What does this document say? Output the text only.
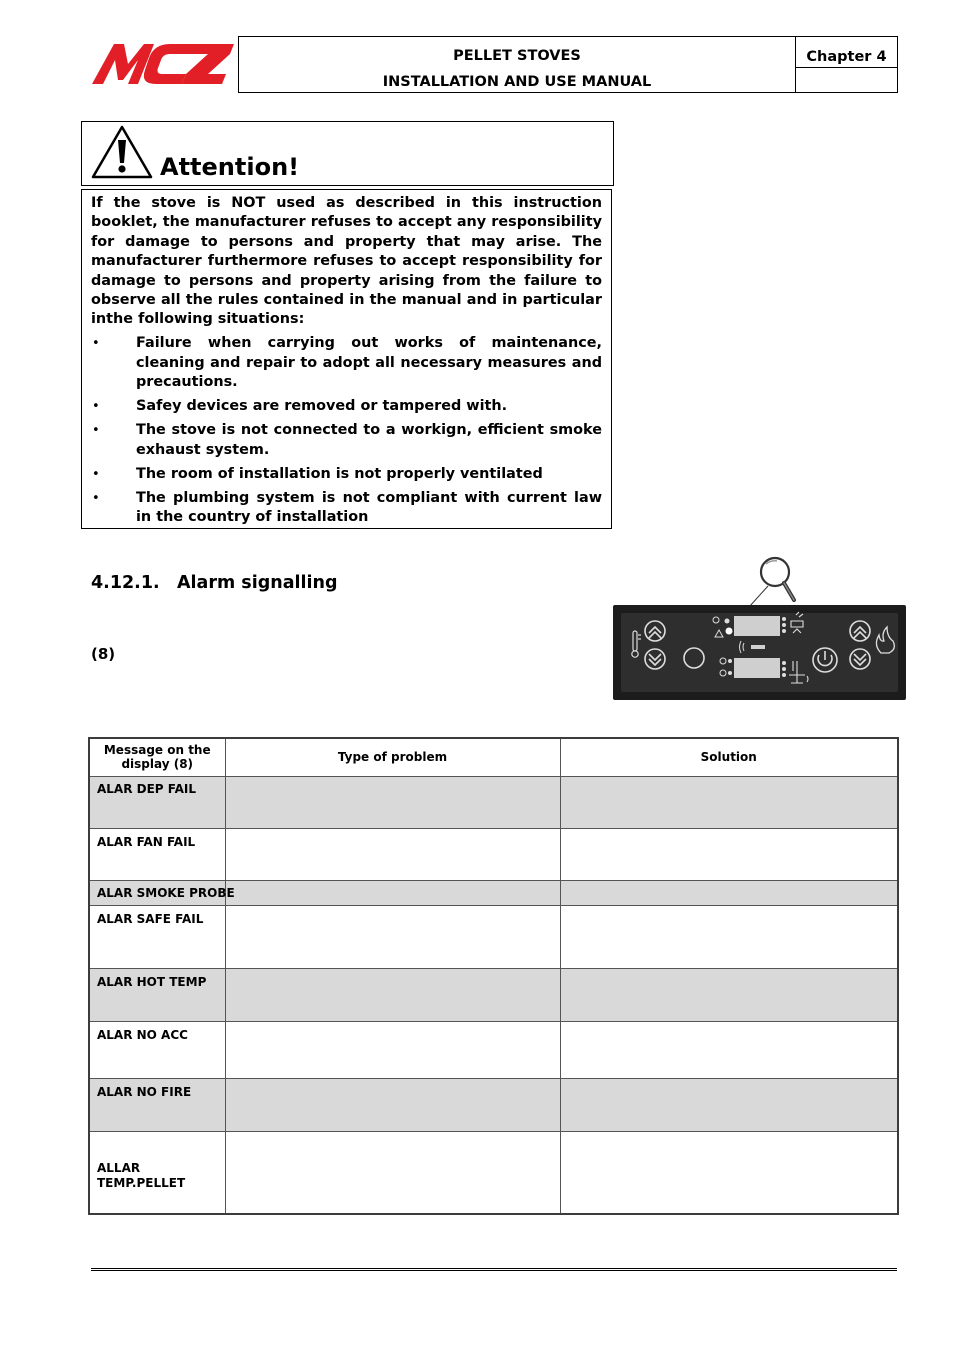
PELLET STOVES
INSTALLATION AND USE MANUAL
Chapter 4
Attention!

If the stove is NOT used as described in this instruction booklet, the manufacturer refuses to accept any responsibility for damage to persons and property that may arise. The manufacturer furthermore refuses to accept responsibility for damage to persons and property arising from the failure to observe all the rules contained in the manual and in particular inthe following situations:

•	Failure when carrying out works of maintenance, cleaning and repair to adopt all necessary measures and precautions.
•	Safey devices are removed or tampered with.
•	The stove is not connected to a workign, efficient smoke exhaust system.
•	The room of installation is not properly ventilated
•	The plumbing system is not compliant with current law in the country of installation
4.12.1. Alarm signalling
(8)
Message on the display (8)	Type of problem	Solution
ALAR DEP FAIL		
ALAR FAN FAIL		
ALAR SMOKE PROBE		
ALAR SAFE FAIL		
ALAR HOT TEMP		
ALAR NO ACC		
ALAR NO FIRE		

ALLAR TEMP.PELLET		
